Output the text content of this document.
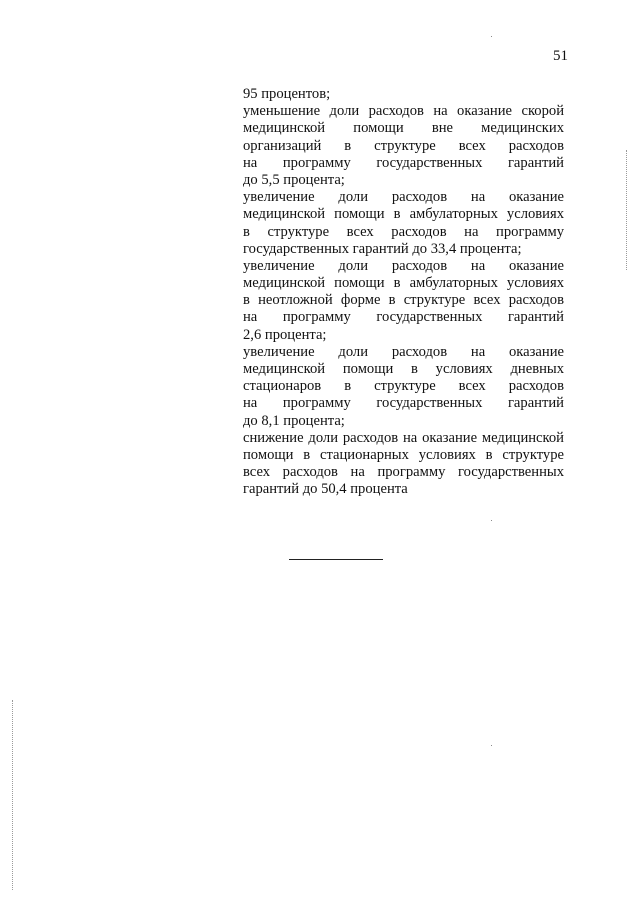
51
95 процентов;
уменьшение доли расходов на оказание скорой
медицинской помощи вне медицинских
организаций в структуре всех расходов
на программу государственных гарантий
до 5,5 процента;
увеличение доли расходов на оказание
медицинской помощи в амбулаторных условиях
в структуре всех расходов на программу
государственных гарантий до 33,4 процента;
увеличение доли расходов на оказание
медицинской помощи в амбулаторных условиях
в неотложной форме в структуре всех расходов
на программу государственных гарантий
2,6 процента;
увеличение доли расходов на оказание
медицинской помощи в условиях дневных
стационаров в структуре всех расходов
на программу государственных гарантий
до 8,1 процента;
снижение доли расходов на оказание медицинской
помощи в стационарных условиях в структуре
всех расходов на программу государственных
гарантий до 50,4 процента
